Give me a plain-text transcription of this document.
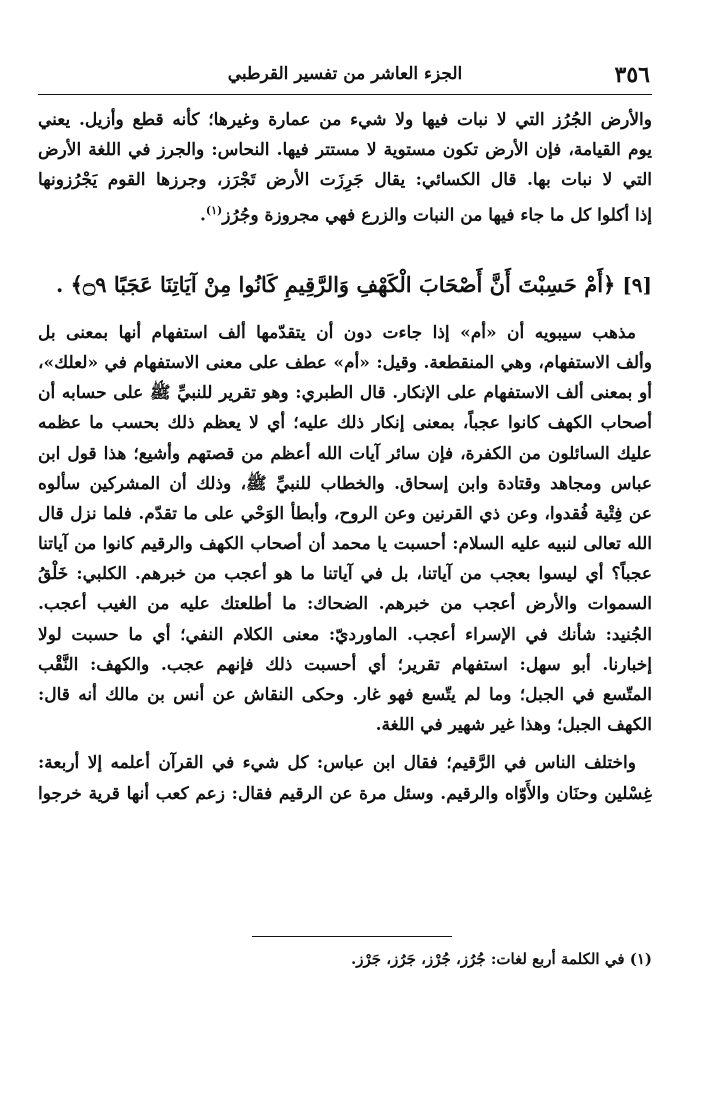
٣٥٦
الجزء العاشر من تفسير القرطبي
والأرض الجُرُز التي لا نبات فيها ولا شيء من عمارة وغيرها؛ كأنه قطع وأزيل. يعني
يوم القيامة، فإن الأرض تكون مستوية لا مستتر فيها. النحاس: والجرز في اللغة الأرض
التي لا نبات بها. قال الكسائي: يقال جَرِزَت الأرض تَجْرَز، وجرزها القوم يَجْرُزونها
إذا أكلوا كل ما جاء فيها من النبات والزرع فهي مجروزة وجُرُز$^{(١)}$.
[٩] ﴿أَمْ حَسِبْتَ أَنَّ أَصْحَابَ الْكَهْفِ وَالرَّقِيمِ كَانُوا مِنْ آيَاتِنَا عَجَبًا ۝٩﴾ .
مذهب سيبويه أن «أم» إذا جاءت دون أن يتقدّمها ألف استفهام أنها بمعنى بل
وألف الاستفهام، وهي المنقطعة. وقيل: «أم» عطف على معنى الاستفهام في «لعلك»،
أو بمعنى ألف الاستفهام على الإنكار. قال الطبري: وهو تقرير للنبيِّ ﷺ على حسابه أن
أصحاب الكهف كانوا عجباً، بمعنى إنكار ذلك عليه؛ أي لا يعظم ذلك بحسب ما عظمه
عليك السائلون من الكفرة، فإن سائر آيات الله أعظم من قصتهم وأشيع؛ هذا قول ابن
عباس ومجاهد وقتادة وابن إسحاق. والخطاب للنبيِّ ﷺ، وذلك أن المشركين سألوه
عن فِتْية فُقدوا، وعن ذي القرنين وعن الروح، وأبطأ الوَحْي على ما تقدّم. فلما نزل قال
الله تعالى لنبيه عليه السلام: أحسبت يا محمد أن أصحاب الكهف والرقيم كانوا من آياتنا
عجباً؟ أي ليسوا بعجب من آياتنا، بل في آياتنا ما هو أعجب من خبرهم. الكلبي: خَلْقُ
السموات والأرض أعجب من خبرهم. الضحاك: ما أطلعتك عليه من الغيب أعجب.
الجُنيد: شأنك في الإسراء أعجب. الماورديّ: معنى الكلام النفي؛ أي ما حسبت لولا
إخبارنا. أبو سهل: استفهام تقرير؛ أي أحسبت ذلك فإنهم عجب. والكهف: النَّقْب
المتّسع في الجبل؛ وما لم يتّسع فهو غار. وحكى النقاش عن أنس بن مالك أنه قال:
الكهف الجبل؛ وهذا غير شهير في اللغة.
واختلف الناس في الرَّقيم؛ فقال ابن عباس: كل شيء في القرآن أعلمه إلا أربعة:
غِسْلين وحنَان والأَوّاه والرقيم. وسئل مرة عن الرقيم فقال: زعم كعب أنها قرية خرجوا
(١) في الكلمة أربع لغات: جُرُز، جُرْز، جَرُز، جَرْز.
